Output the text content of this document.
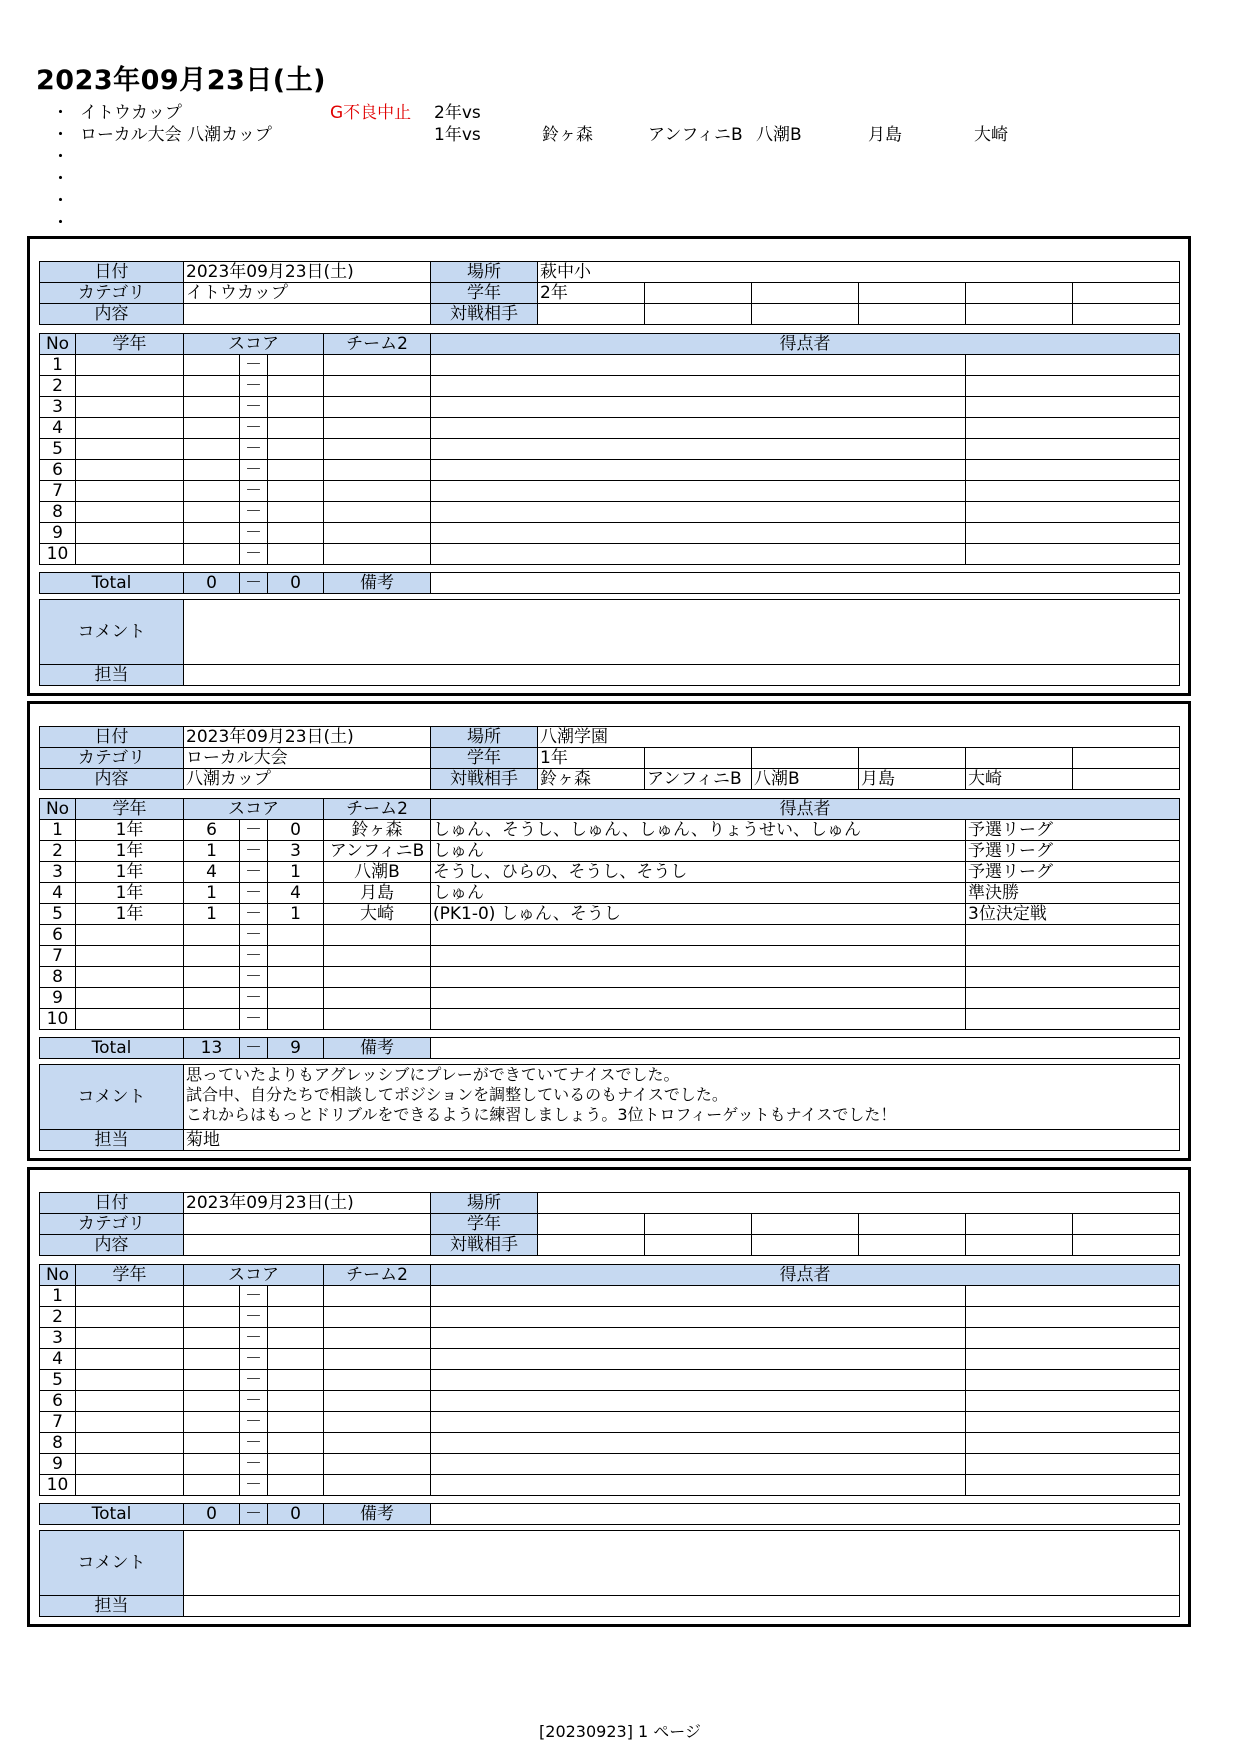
2023年09月23日(土)
・ イトウカップ	G不良中止 2年vs
・ ローカル大会 八潮カップ	1年vs	鈴ヶ森	アンフィニB 八潮B	月島	大崎
・
・
・
・
日付	2023年09月23日(土)	場所	萩中小					
カテゴリ	イトウカップ	学年	2年					
内容		対戦相手						
No	学年	スコア			チーム2	得点者	
1			－				
2			－				
3			－				
4			－				
5			－				
6			－				
7			－				
8			－				
9			－				
10			－				
Total	0	－	0	備考	
コメント	

担当	
日付	2023年09月23日(土)	場所	八潮学園					
カテゴリ	ローカル大会	学年	1年					
内容	八潮カップ	対戦相手	鈴ヶ森	アンフィニB	八潮B	月島	大崎	
No	学年	スコア			チーム2	得点者	
1	1年	6	－	0	鈴ヶ森	しゅん、そうし、しゅん、しゅん、りょうせい、しゅん	予選リーグ
2	1年	1	－	3	アンフィニB	しゅん	予選リーグ
3	1年	4	－	1	八潮B	そうし、ひらの、そうし、そうし	予選リーグ
4	1年	1	－	4	月島	しゅん	準決勝
5	1年	1	－	1	大崎	(PK1-0) しゅん、そうし	3位決定戦
6			－				
7			－				
8			－				
9			－				
10			－				
Total	13	－	9	備考	
コメント	思っていたよりもアグレッシブにプレーができていてナイスでした。
試合中、自分たちで相談してポジションを調整しているのもナイスでした。
これからはもっとドリブルをできるように練習しましょう。3位トロフィーゲットもナイスでした！

担当	菊地
日付	2023年09月23日(土)	場所						
カテゴリ		学年						
内容		対戦相手						
No	学年	スコア			チーム2	得点者	
1			－				
2			－				
3			－				
4			－				
5			－				
6			－				
7			－				
8			－				
9			－				
10			－				
Total	0	－	0	備考	
コメント	

担当	
[20230923] 1 ページ
